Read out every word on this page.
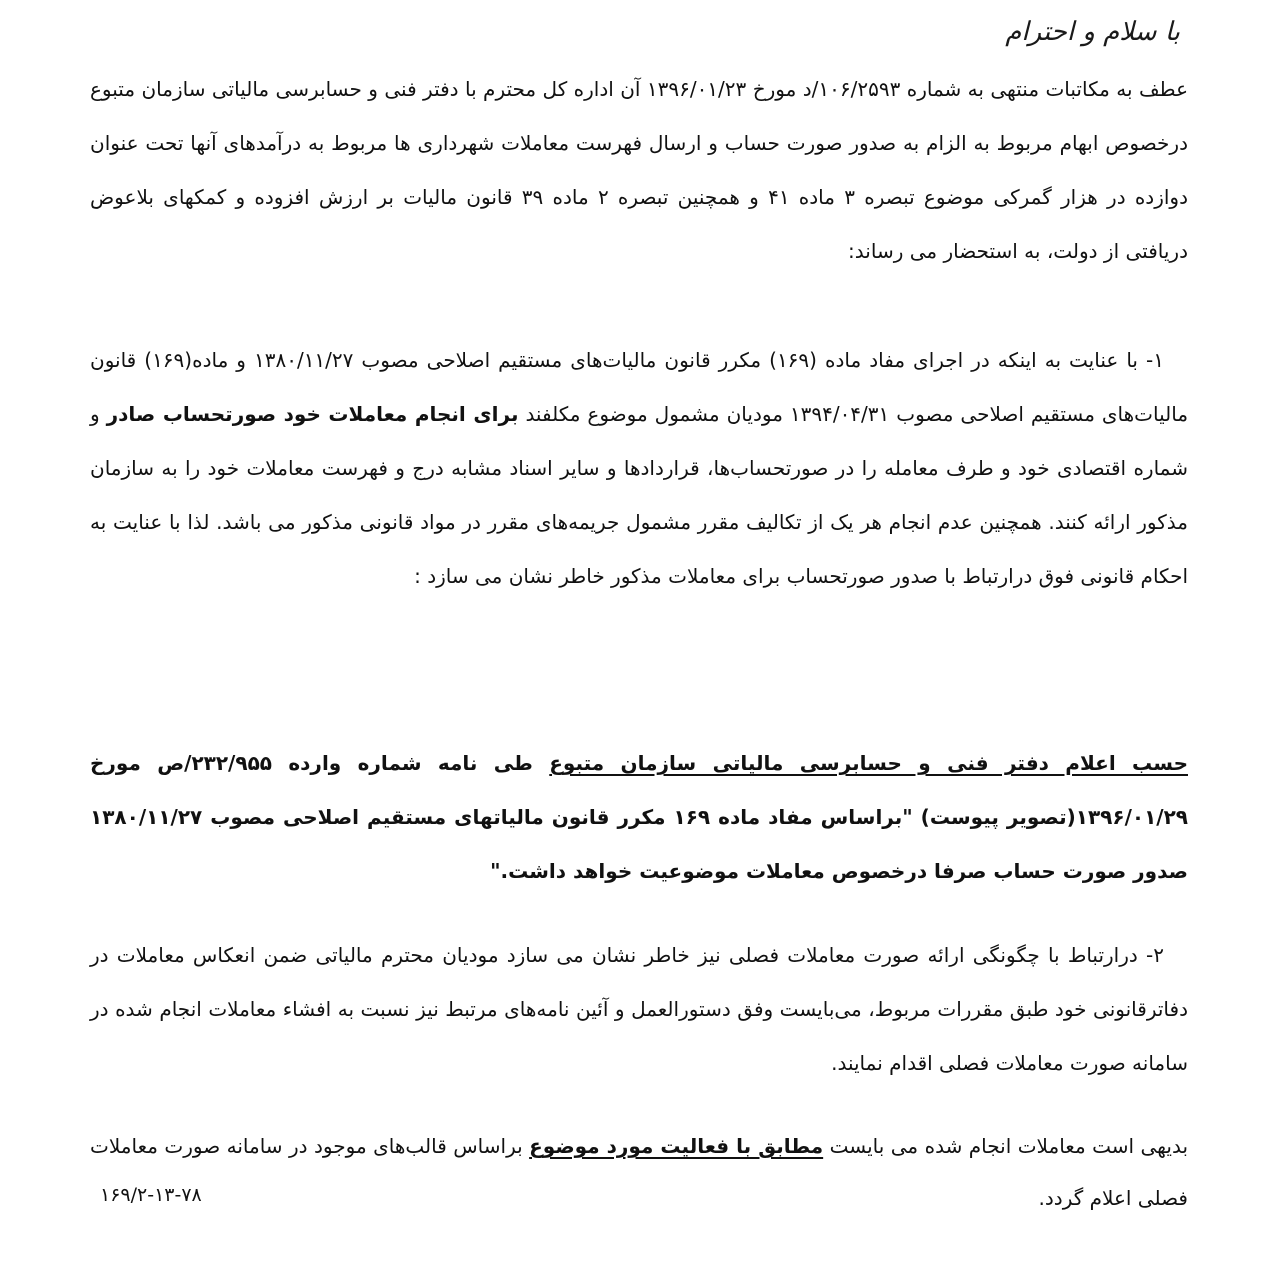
با سلام و احترام

عطف به مکاتبات منتهی به شماره ۱۰۶/۲۵۹۳/د مورخ ۱۳۹۶/۰۱/۲۳ آن اداره کل محترم با دفتر فنی و حسابرسی مالیاتی سازمان متبوع درخصوص ابهام مربوط به الزام به صدور صورت حساب و ارسال فهرست معاملات شهرداری ها مربوط به درآمدهای آنها تحت عنوان دوازده در هزار گمرکی موضوع تبصره ۳ ماده ۴۱ و همچنین تبصره ۲ ماده ۳۹ قانون مالیات بر ارزش افزوده و کمکهای بلاعوض دریافتی از دولت، به استحضار می رساند:

۱- با عنایت به اینکه در اجرای مفاد ماده (۱۶۹) مکرر قانون مالیات‌های مستقیم اصلاحی مصوب ۱۳۸۰/۱۱/۲۷ و ماده(۱۶۹) قانون مالیات‌های مستقیم اصلاحی مصوب ۱۳۹۴/۰۴/۳۱ مودیان مشمول موضوع مکلفند برای انجام معاملات خود صورتحساب صادر و شماره اقتصادی خود و طرف معامله را در صورتحساب‌ها، قراردادها و سایر اسناد مشابه درج و فهرست معاملات خود را به سازمان مذکور ارائه کنند. همچنین عدم انجام هر یک از تکالیف مقرر مشمول جریمه‌های مقرر در مواد قانونی مذکور می باشد. لذا با عنایت به احکام قانونی فوق درارتباط با صدور صورتحساب برای معاملات مذکور خاطر نشان می سازد :

حسب اعلام دفتر فنی و حسابرسی مالیاتی سازمان متبوع طی نامه شماره وارده ۲۳۲/۹۵۵/ص مورخ ۱۳۹۶/۰۱/۲۹(تصویر پیوست) "براساس مفاد ماده ۱۶۹ مکرر قانون مالیاتهای مستقیم اصلاحی مصوب ۱۳۸۰/۱۱/۲۷ صدور صورت حساب صرفا درخصوص معاملات موضوعیت خواهد داشت."

۲- درارتباط با چگونگی ارائه صورت معاملات فصلی نیز خاطر نشان می سازد مودیان محترم مالیاتی ضمن انعکاس معاملات در دفاترقانونی خود طبق مقررات مربوط، می‌بایست وفق دستورالعمل و آئین نامه‌های مرتبط نیز نسبت به افشاء معاملات انجام شده در سامانه صورت معاملات فصلی اقدام نمایند.

بدیهی است معاملات انجام شده می بایست مطابق با فعالیت مورد موضوع براساس قالب‌های موجود در سامانه صورت معاملات فصلی اعلام گردد.

۱۶۹/۲-۱۳-۷۸
